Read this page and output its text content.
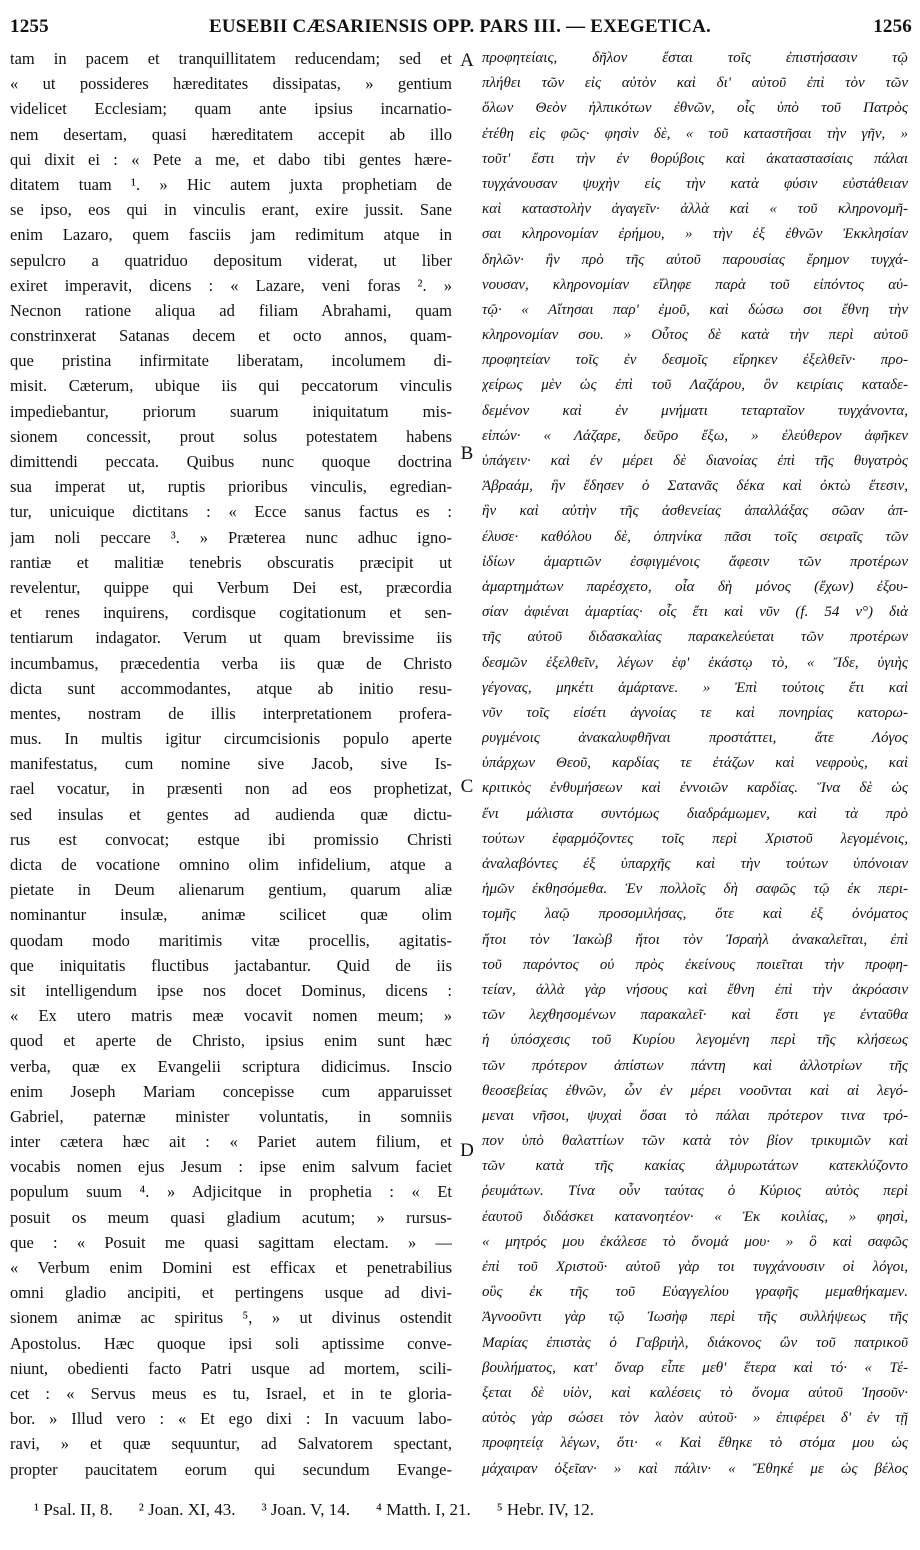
EUSEBII CÆSARIENSIS OPP. PARS III. — EXEGETICA.
1255	1256
tam in pacem et tranquillitatem reducendam; sed et
« ut possideres hæreditates dissipatas, » gentium
videlicet Ecclesiam; quam ante ipsius incarnatio-
nem desertam, quasi hæreditatem accepit ab illo
qui dixit ei : « Pete a me, et dabo tibi gentes hære-
ditatem tuam ¹. » Hic autem juxta prophetiam de
se ipso, eos qui in vinculis erant, exire jussit. Sane
enim Lazaro, quem fasciis jam redimitum atque in
sepulcro a quatriduo depositum viderat, ut liber
exiret imperavit, dicens : « Lazare, veni foras ². »
Necnon ratione aliqua ad filiam Abrahami, quam
constrinxerat Satanas decem et octo annos, quam-
que pristina infirmitate liberatam, incolumem di-
misit. Cæterum, ubique iis qui peccatorum vinculis
impediebantur, priorum suarum iniquitatum mis-
sionem concessit, prout solus potestatem habens
dimittendi peccata. Quibus nunc quoque doctrina
sua imperat ut, ruptis prioribus vinculis, egredian-
tur, unicuique dictitans : « Ecce sanus factus es :
jam noli peccare ³. » Præterea nunc adhuc igno-
rantiæ et malitiæ tenebris obscuratis præcipit ut
revelentur, quippe qui Verbum Dei est, præcordia
et renes inquirens, cordisque cogitationum et sen-
tentiarum indagator. Verum ut quam brevissime iis
incumbamus, præcedentia verba iis quæ de Christo
dicta sunt accommodantes, atque ab initio resu-
mentes, nostram de illis interpretationem profera-
mus. In multis igitur circumcisionis populo aperte
manifestatus, cum nomine sive Jacob, sive Is-
rael vocatur, in præsenti non ad eos prophetizat,
sed insulas et gentes ad audienda quæ dictu-
rus est convocat; estque ibi promissio Christi
dicta de vocatione omnino olim infidelium, atque a
pietate in Deum alienarum gentium, quarum aliæ
nominantur insulæ, animæ scilicet quæ olim
quodam modo maritimis vitæ procellis, agitatis-
que iniquitatis fluctibus jactabantur. Quid de iis
sit intelligendum ipse nos docet Dominus, dicens :
« Ex utero matris meæ vocavit nomen meum; »
quod et aperte de Christo, ipsius enim sunt hæc
verba, quæ ex Evangelii scriptura didicimus. Inscio
enim Joseph Mariam concepisse cum apparuisset
Gabriel, paternæ minister voluntatis, in somniis
inter cætera hæc ait : « Pariet autem filium, et
vocabis nomen ejus Jesum : ipse enim salvum faciet
populum suum ⁴. » Adjicitque in prophetia : « Et
posuit os meum quasi gladium acutum; » rursus-
que : « Posuit me quasi sagittam electam. » —
« Verbum enim Domini est efficax et penetrabilius
omni gladio ancipiti, et pertingens usque ad divi-
sionem animæ ac spiritus ⁵, » ut divinus ostendit
Apostolus. Hæc quoque ipsi soli aptissime conve-
niunt, obedienti facto Patri usque ad mortem, scili-
cet : « Servus meus es tu, Israel, et in te gloria-
bor. » Illud vero : « Et ego dixi : In vacuum labo-
ravi, » et quæ sequuntur, ad Salvatorem spectant,
propter paucitatem eorum qui secundum Evange-
προφητείαις, δῆλον ἔσται τοῖς ἐπιστήσασιν τῷ
πλήθει τῶν εἰς αὐτὸν καὶ δι' αὐτοῦ ἐπὶ τὸν τῶν
ὅλων Θεὸν ἡλπικότων ἐθνῶν, οἷς ὑπὸ τοῦ Πατρὸς
ἐτέθη εἰς φῶς· φησὶν δὲ, « τοῦ καταστῆσαι τὴν γῆν, »
τοῦτ' ἔστι τὴν ἐν θορύβοις καὶ ἀκαταστασίαις πάλαι
τυγχάνουσαν ψυχὴν εἰς τὴν κατὰ φύσιν εὐστάθειαν
καὶ καταστολὴν ἀγαγεῖν· ἀλλὰ καὶ « τοῦ κληρονομῆ-
σαι κληρονομίαν ἐρήμου, » τὴν ἐξ ἐθνῶν Ἐκκλησίαν
δηλῶν· ἣν πρὸ τῆς αὐτοῦ παρουσίας ἔρημον τυγχά-
νουσαν, κληρονομίαν εἴληφε παρὰ τοῦ εἰπόντος αὐ-
τῷ· « Αἴτησαι παρ' ἐμοῦ, καὶ δώσω σοι ἔθνη τὴν
κληρονομίαν σου. » Οὗτος δὲ κατὰ τὴν περὶ αὐτοῦ
προφητείαν τοῖς ἐν δεσμοῖς εἴρηκεν ἐξελθεῖν· προ-
χείρως μὲν ὡς ἐπὶ τοῦ Λαζάρου, ὃν κειρίαις καταδε-
δεμένον καὶ ἐν μνήματι τεταρταῖον τυγχάνοντα,
εἰπών· « Λάζαρε, δεῦρο ἔξω, » ἐλεύθερον ἀφῆκεν
ὑπάγειν· καὶ ἐν μέρει δὲ διανοίας ἐπὶ τῆς θυγατρὸς
Ἀβραάμ, ἣν ἔδησεν ὁ Σατανᾶς δέκα καὶ ὀκτὼ ἔτεσιν,
ἣν καὶ αὐτὴν τῆς ἀσθενείας ἀπαλλάξας σῶαν ἀπ-
έλυσε· καθόλου δὲ, ὁπηνίκα πᾶσι τοῖς σειραῖς τῶν
ἰδίων ἁμαρτιῶν ἐσφιγμένοις ἄφεσιν τῶν προτέρων
ἁμαρτημάτων παρέσχετο, οἷα δὴ μόνος (ἔχων) ἐξου-
σίαν ἀφιέναι ἁμαρτίας· οἷς ἔτι καὶ νῦν (f. 54 v°) διὰ
τῆς αὐτοῦ διδασκαλίας παρακελεύεται τῶν προτέρων
δεσμῶν ἐξελθεῖν, λέγων ἐφ' ἑκάστῳ τὸ, « Ἴδε, ὑγιὴς
γέγονας, μηκέτι ἁμάρτανε. » Ἐπὶ τούτοις ἔτι καὶ
νῦν τοῖς εἰσέτι ἀγνοίας τε καὶ πονηρίας κατορω-
ρυγμένοις ἀνακαλυφθῆναι προστάττει, ἅτε Λόγος
ὑπάρχων Θεοῦ, καρδίας τε ἐτάζων καὶ νεφροὺς, καὶ
κριτικὸς ἐνθυμήσεων καὶ ἐννοιῶν καρδίας. Ἵνα δὲ ὡς
ἔνι μάλιστα συντόμως διαδράμωμεν, καὶ τὰ πρὸ
τούτων ἐφαρμόζοντες τοῖς περὶ Χριστοῦ λεγομένοις,
ἀναλαβόντες ἐξ ὑπαρχῆς καὶ τὴν τούτων ὑπόνοιαν
ἡμῶν ἐκθησόμεθα. Ἐν πολλοῖς δὴ σαφῶς τῷ ἐκ περι-
τομῆς λαῷ προσομιλήσας, ὅτε καὶ ἐξ ὀνόματος
ἤτοι τὸν Ἰακὼβ ἤτοι τὸν Ἰσραὴλ ἀνακαλεῖται, ἐπὶ
τοῦ παρόντος οὐ πρὸς ἐκείνους ποιεῖται τὴν προφη-
τείαν, ἀλλὰ γὰρ νήσους καὶ ἔθνη ἐπὶ τὴν ἀκρόασιν
τῶν λεχθησομένων παρακαλεῖ· καὶ ἔστι γε ἐνταῦθα
ἡ ὑπόσχεσις τοῦ Κυρίου λεγομένη περὶ τῆς κλήσεως
τῶν πρότερον ἀπίστων πάντη καὶ ἀλλοτρίων τῆς
θεοσεβείας ἐθνῶν, ὧν ἐν μέρει νοοῦνται καὶ αἱ λεγό-
μεναι νῆσοι, ψυχαὶ ὅσαι τὸ πάλαι πρότερον τινα τρό-
πον ὑπὸ θαλαττίων τῶν κατὰ τὸν βίον τρικυμιῶν καὶ
τῶν κατὰ τῆς κακίας ἁλμυρωτάτων κατεκλύζοντο
ῥευμάτων. Τίνα οὖν ταύτας ὁ Κύριος αὐτὸς περὶ
ἑαυτοῦ διδάσκει κατανοητέον· « Ἐκ κοιλίας, » φησὶ,
« μητρός μου ἐκάλεσε τὸ ὄνομά μου· » ὃ καὶ σαφῶς
ἐπὶ τοῦ Χριστοῦ· αὐτοῦ γὰρ τοι τυγχάνουσιν οἱ λόγοι,
οὓς ἐκ τῆς τοῦ Εὐαγγελίου γραφῆς μεμαθήκαμεν.
Ἀγνοοῦντι γὰρ τῷ Ἰωσὴφ περὶ τῆς συλλήψεως τῆς
Μαρίας ἐπιστὰς ὁ Γαβριὴλ, διάκονος ὢν τοῦ πατρικοῦ
βουλήματος, κατ' ὄναρ εἶπε μεθ' ἕτερα καὶ τό· « Τέ-
ξεται δὲ υἱὸν, καὶ καλέσεις τὸ ὄνομα αὐτοῦ Ἰησοῦν·
αὐτὸς γὰρ σώσει τὸν λαὸν αὐτοῦ· » ἐπιφέρει δ' ἐν τῇ
προφητείᾳ λέγων, ὅτι· « Καὶ ἔθηκε τὸ στόμα μου ὡς
μάχαιραν ὀξεῖαν· » καὶ πάλιν· « Ἔθηκέ με ὡς βέλος
A
B
C
D
¹ Psal. II, 8. ² Joan. XI, 43. ³ Joan. V, 14. ⁴ Matth. I, 21. ⁵ Hebr. IV, 12.
